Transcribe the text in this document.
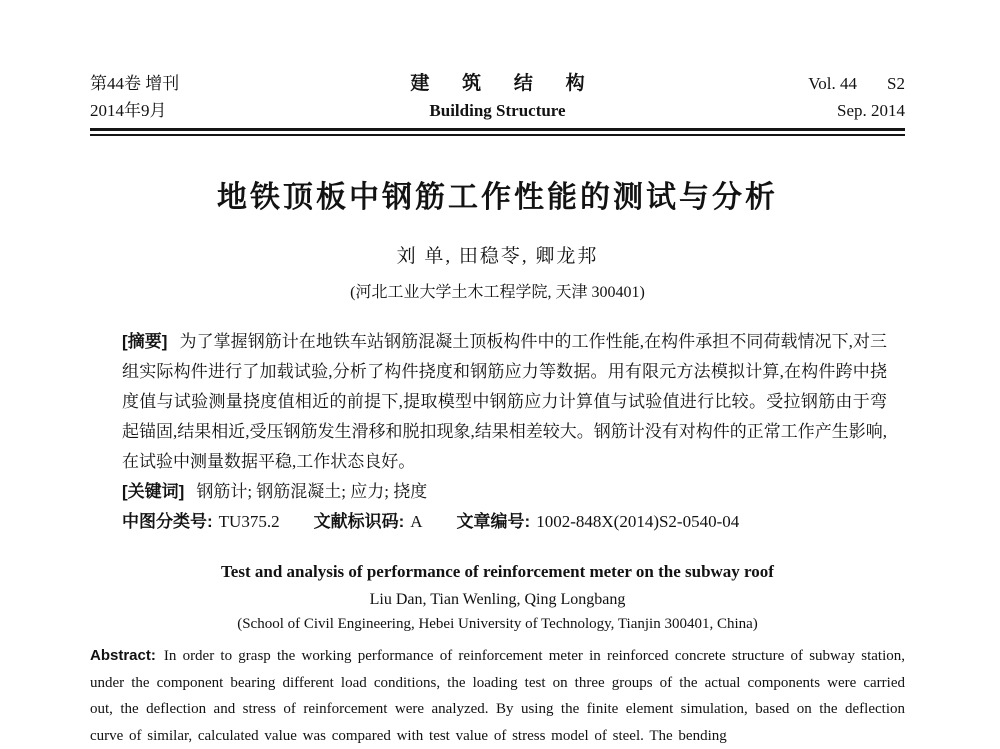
第44卷 增刊
2014年9月
建 筑 结 构
Building Structure
Vol. 44 S2
Sep. 2014
地铁顶板中钢筋工作性能的测试与分析
刘 单, 田稳苓, 卿龙邦
(河北工业大学土木工程学院, 天津 300401)

[摘要] 为了掌握钢筋计在地铁车站钢筋混凝土顶板构件中的工作性能,在构件承担不同荷载情况下,对三组实际构件进行了加载试验,分析了构件挠度和钢筋应力等数据。用有限元方法模拟计算,在构件跨中挠度值与试验测量挠度值相近的前提下,提取模型中钢筋应力计算值与试验值进行比较。受拉钢筋由于弯起锚固,结果相近,受压钢筋发生滑移和脱扣现象,结果相差较大。钢筋计没有对构件的正常工作产生影响,在试验中测量数据平稳,工作状态良好。

[关键词] 钢筋计; 钢筋混凝土; 应力; 挠度

中图分类号: TU375.2 文献标识码: A 文章编号: 1002-848X(2014)S2-0540-04

Test and analysis of performance of reinforcement meter on the subway roof
Liu Dan, Tian Wenling, Qing Longbang
(School of Civil Engineering, Hebei University of Technology, Tianjin 300401, China)

Abstract: In order to grasp the working performance of reinforcement meter in reinforced concrete structure of subway station, under the component bearing different load conditions, the loading test on three groups of the actual components were carried out, the deflection and stress of reinforcement were analyzed. By using the finite element simulation, based on the deflection curve of similar, calculated value was compared with test value of stress model of steel. The bending
